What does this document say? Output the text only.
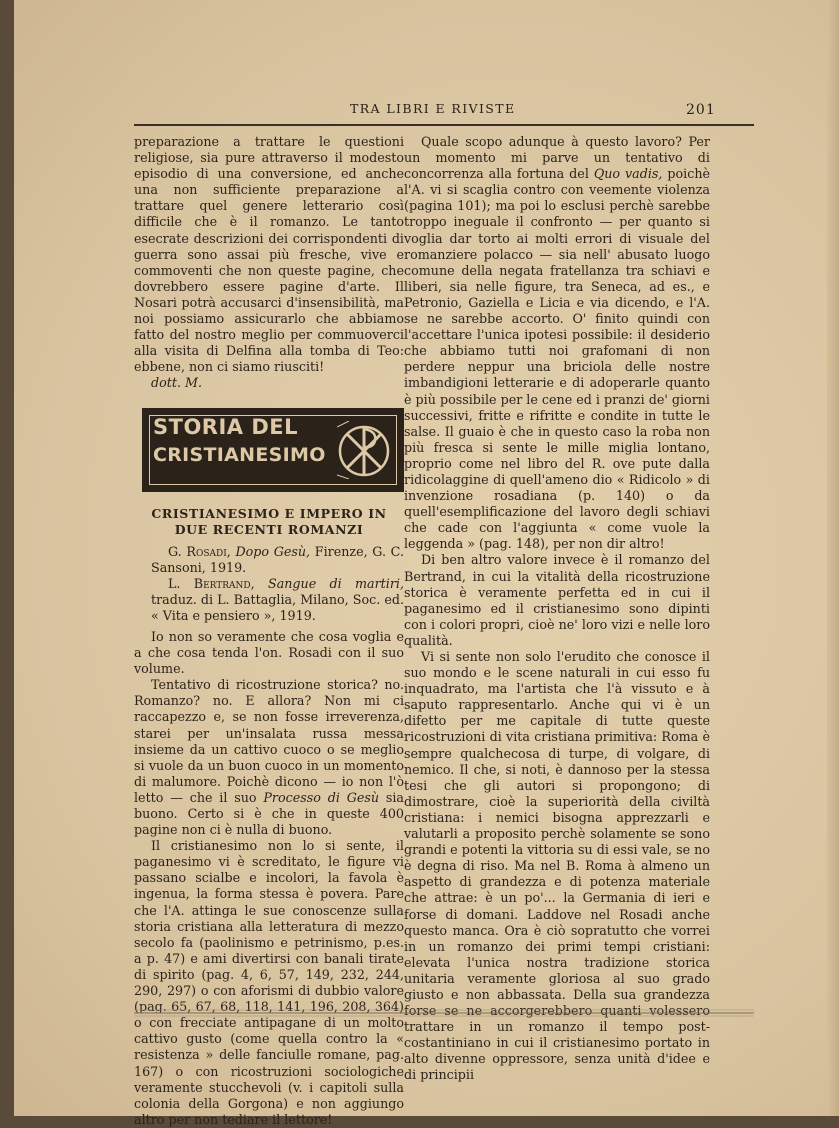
TRA LIBRI E RIVISTE	201

preparazione a trattare le questioni religiose, sia pure attraverso il modesto episodio di una conversione, ed anche una non sufficiente preparazione a trattare quel genere letterario così difficile che è il romanzo. Le tanto esecrate descrizioni dei corrispondenti di guerra sono assai più fresche, vive e commoventi che non queste pagine, che dovrebbero essere pagine d'arte. Il Nosari potrà accusarci d'insensibilità, ma noi possiamo assicurarlo che abbiamo fatto del nostro meglio per commuoverci alla visita di Delfina alla tomba di Teo: ebbene, non ci siamo riusciti!

dott. M.

STORIA DEL
CRISTIANESIMO
CRISTIANESIMO E IMPERO IN DUE RECENTI ROMANZI

G. Rosadi, Dopo Gesù, Firenze, G. C. Sansoni, 1919.

L. Bertrand, Sangue di martiri, traduz. di L. Battaglia, Milano, Soc. ed. « Vita e pensiero », 1919.

Io non so veramente che cosa voglia e a che cosa tenda l'on. Rosadi con il suo volume.

Tentativo di ricostruzione storica? no. Romanzo? no. E allora? Non mi ci raccapezzo e, se non fosse irreverenza, starei per un'insalata russa messa insieme da un cattivo cuoco o se meglio si vuole da un buon cuoco in un momento di malumore. Poichè dicono — io non l'ò letto — che il suo Processo di Gesù sia buono. Certo si è che in queste 400 pagine non ci è nulla di buono.

Il cristianesimo non lo si sente, il paganesimo vi è screditato, le figure vi passano scialbe e incolori, la favola è ingenua, la forma stessa è povera. Pare che l'A. attinga le sue conoscenze sulla storia cristiana alla letteratura di mezzo secolo fa (paolinismo e petrinismo, p.es. a p. 47) e ami divertirsi con banali tirate di spirito (pag. 4, 6, 57, 149, 232, 244, 290, 297) o con aforismi di dubbio valore (pag. 65, 67, 68, 118, 141, 196, 208, 364) o con frecciate antipagane di un molto cattivo gusto (come quella contro la « resistenza » delle fanciulle romane, pag. 167) o con ricostruzioni sociologiche veramente stucchevoli (v. i capitoli sulla colonia della Gorgona) e non aggiungo altro per non tediare il lettore!

Quale scopo adunque à questo lavoro? Per un momento mi parve un tentativo di concorrenza alla fortuna del Quo vadis, poichè l'A. vi si scaglia contro con veemente violenza (pagina 101); ma poi lo esclusi perchè sarebbe troppo ineguale il confronto — per quanto si voglia dar torto ai molti errori di visuale del romanziere polacco — sia nell' abusato luogo comune della negata fratellanza tra schiavi e liberi, sia nelle figure, tra Seneca, ad es., e Petronio, Gaziella e Licia e via dicendo, e l'A. se ne sarebbe accorto. O' finito quindi con l'accettare l'unica ipotesi possibile: il desiderio che abbiamo tutti noi grafomani di non perdere neppur una briciola delle nostre imbandigioni letterarie e di adoperarle quanto è più possibile per le cene ed i pranzi de' giorni successivi, fritte e rifritte e condite in tutte le salse. Il guaio è che in questo caso la roba non più fresca si sente le mille miglia lontano, proprio come nel libro del R. ove pute dalla ridicolaggine di quell'ameno dio « Ridicolo » di invenzione rosadiana (p. 140) o da quell'esemplificazione del lavoro degli schiavi che cade con l'aggiunta « come vuole la leggenda » (pag. 148), per non dir altro!

Di ben altro valore invece è il romanzo del Bertrand, in cui la vitalità della ricostruzione storica è veramente perfetta ed in cui il paganesimo ed il cristianesimo sono dipinti con i colori propri, cioè ne' loro vizi e nelle loro qualità.

Vi si sente non solo l'erudito che conosce il suo mondo e le scene naturali in cui esso fu inquadrato, ma l'artista che l'à vissuto e à saputo rappresentarlo. Anche qui vi è un difetto per me capitale di tutte queste ricostruzioni di vita cristiana primitiva: Roma è sempre qualchecosa di turpe, di volgare, di nemico. Il che, si noti, è dannoso per la stessa tesi che gli autori si propongono; di dimostrare, cioè la superiorità della civiltà cristiana: i nemici bisogna apprezzarli e valutarli a proposito perchè solamente se sono grandi e potenti la vittoria su di essi vale, se no è degna di riso. Ma nel B. Roma à almeno un aspetto di grandezza e di potenza materiale che attrae: è un po'... la Germania di ieri e forse di domani. Laddove nel Rosadi anche questo manca. Ora è ciò sopratutto che vorrei in un romanzo dei primi tempi cristiani: elevata l'unica nostra tradizione storica unitaria veramente gloriosa al suo grado giusto e non abbassata. Della sua grandezza forse se ne accorgerebbero quanti volessero trattare in un romanzo il tempo post-costantiniano in cui il cristianesimo portato in alto divenne oppressore, senza unità d'idee e di principii
